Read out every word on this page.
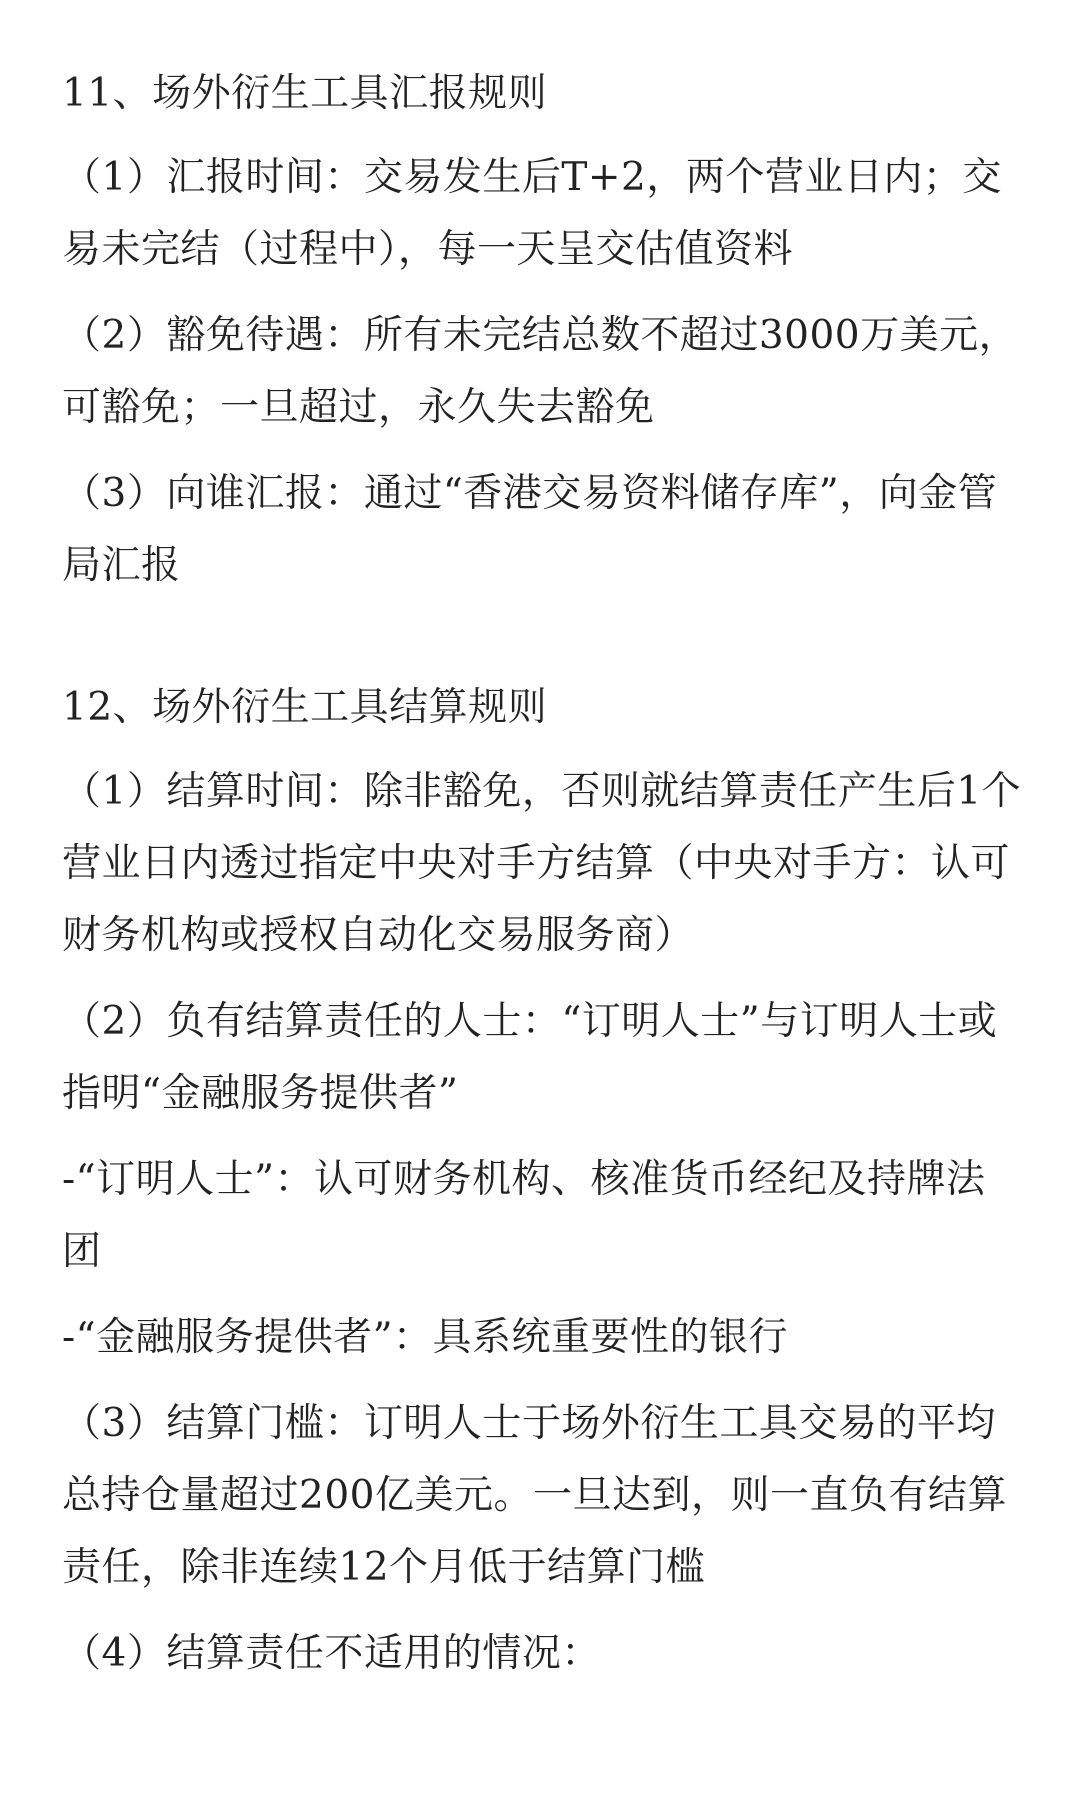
11、场外衍生工具汇报规则

（1）汇报时间：交易发生后T+2，两个营业日内；交易未完结（过程中），每一天呈交估值资料

（2）豁免待遇：所有未完结总数不超过3000万美元，可豁免；一旦超过，永久失去豁免

（3）向谁汇报：通过“香港交易资料储存库”，向金管局汇报

12、场外衍生工具结算规则

（1）结算时间：除非豁免，否则就结算责任产生后1个营业日内透过指定中央对手方结算（中央对手方：认可财务机构或授权自动化交易服务商）

（2）负有结算责任的人士：“订明人士”与订明人士或指明“金融服务提供者”

-“订明人士”：认可财务机构、核准货币经纪及持牌法团

-“金融服务提供者”：具系统重要性的银行

（3）结算门槛：订明人士于场外衍生工具交易的平均总持仓量超过200亿美元。一旦达到，则一直负有结算责任，除非连续12个月低于结算门槛

（4）结算责任不适用的情况：
